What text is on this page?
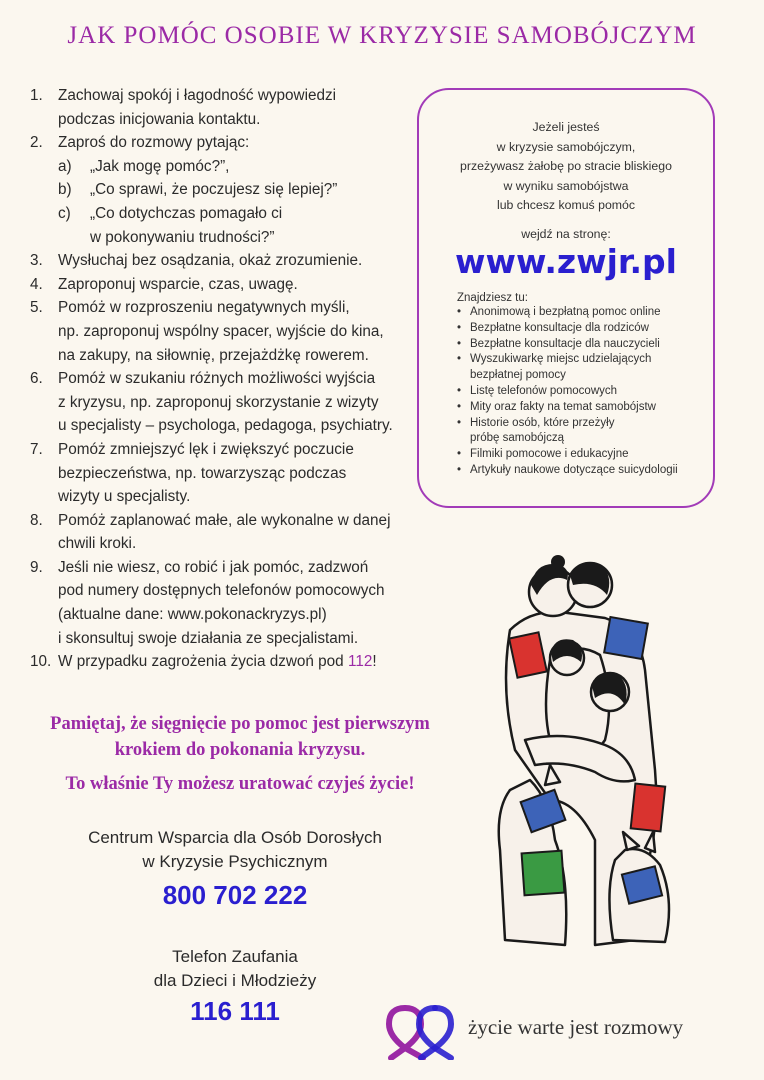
JAK POMÓC OSOBIE W KRYZYSIE SAMOBÓJCZYM
1. Zachowaj spokój i łagodność wypowiedzi
podczas inicjowania kontaktu.
2. Zaproś do rozmowy pytając:
a) „Jak mogę pomóc?”,
b) „Co sprawi, że poczujesz się lepiej?”
c) „Co dotychczas pomagało ci
w pokonywaniu trudności?”
3. Wysłuchaj bez osądzania, okaż zrozumienie.
4. Zaproponuj wsparcie, czas, uwagę.
5. Pomóż w rozproszeniu negatywnych myśli,
np. zaproponuj wspólny spacer, wyjście do kina,
na zakupy, na siłownię, przejażdżkę rowerem.
6. Pomóż w szukaniu różnych możliwości wyjścia
z kryzysu, np. zaproponuj skorzystanie z wizyty
u specjalisty – psychologa, pedagoga, psychiatry.
7. Pomóż zmniejszyć lęk i zwiększyć poczucie
bezpieczeństwa, np. towarzysząc podczas
wizyty u specjalisty.
8. Pomóż zaplanować małe, ale wykonalne w danej
chwili kroki.
9. Jeśli nie wiesz, co robić i jak pomóc, zadzwoń
pod numery dostępnych telefonów pomocowych
(aktualne dane: www.pokonackryzys.pl)
i skonsultuj swoje działania ze specjalistami.
10. W przypadku zagrożenia życia dzwoń pod 112!
Jeżeli jesteś
w kryzysie samobójczym,
przeżywasz żałobę po stracie bliskiego
w wyniku samobójstwa
lub chcesz komuś pomóc
wejdź na stronę:
www.zwjr.pl
Znajdziesz tu:
• Anonimową i bezpłatną pomoc online
• Bezpłatne konsultacje dla rodziców
• Bezpłatne konsultacje dla nauczycieli
• Wyszukiwarkę miejsc udzielających
bezpłatnej pomocy
• Listę telefonów pomocowych
• Mity oraz fakty na temat samobójstw
• Historie osób, które przeżyły
próbę samobójczą
• Filmiki pomocowe i edukacyjne
• Artykuły naukowe dotyczące suicydologii
Pamiętaj, że sięgnięcie po pomoc jest pierwszym
krokiem do pokonania kryzysu.
To właśnie Ty możesz uratować czyjeś życie!
Centrum Wsparcia dla Osób Dorosłych
w Kryzysie Psychicznym
800 702 222
Telefon Zaufania
dla Dzieci i Młodzieży
116 111
życie warte jest rozmowy
